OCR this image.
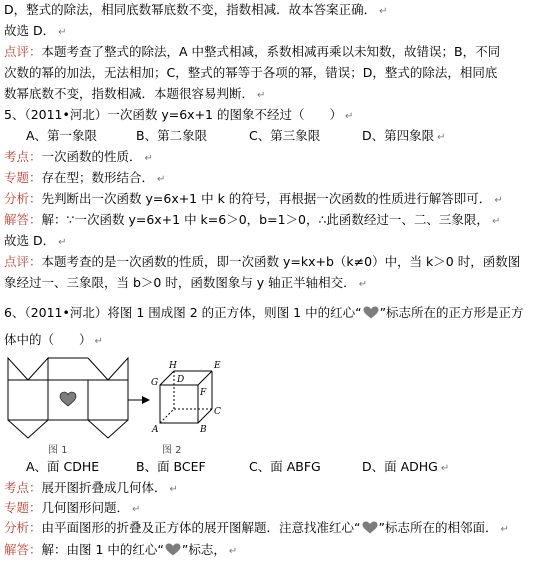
D，整式的除法，相同底数幂底数不变，指数相减．故本答案正确． ↵
故选 D． ↵
点评：本题考查了整式的除法，A 中整式相减，系数相减再乘以未知数，故错误；B，不同
次数的幂的加法，无法相加；C，整式的幂等于各项的幂，错误；D，整式的除法，相同底
数幂底数不变，指数相减．本题很容易判断． ↵
5、（2011•河北）一次函数 y=6x+1 的图象不经过（　　） ↵
A、第一象限	B、第二象限	C、第三象限	D、第四象限 ↵
考点：一次函数的性质． ↵
专题：存在型；数形结合． ↵
分析：先判断出一次函数 y=6x+1 中 k 的符号，再根据一次函数的性质进行解答即可． ↵
解答：解：∵一次函数 y=6x+1 中 k=6＞0，b=1＞0，∴此函数经过一、二、三象限， ↵
故选 D． ↵
点评：本题考查的是一次函数的性质，即一次函数 y=kx+b（k≠0）中，当 k＞0 时，函数图
象经过一、三象限，当 b＞0 时，函数图象与 y 轴正半轴相交． ↵
6、（2011•河北）将图 1 围成图 2 的正方体，则图 1 中的红心“ ”标志所在的正方形是正方
体中的（　　） ↵
图 1
H	E
G D
F
C
A	B
图 2
A、面 CDHE	B、面 BCEF	C、面 ABFG	D、面 ADHG ↵
考点：展开图折叠成几何体． ↵
专题：几何图形问题． ↵
分析：由平面图形的折叠及正方体的展开图解题．注意找准红心“ ”标志所在的相邻面． ↵
解答：解：由图 1 中的红心“ ”标志， ↵
